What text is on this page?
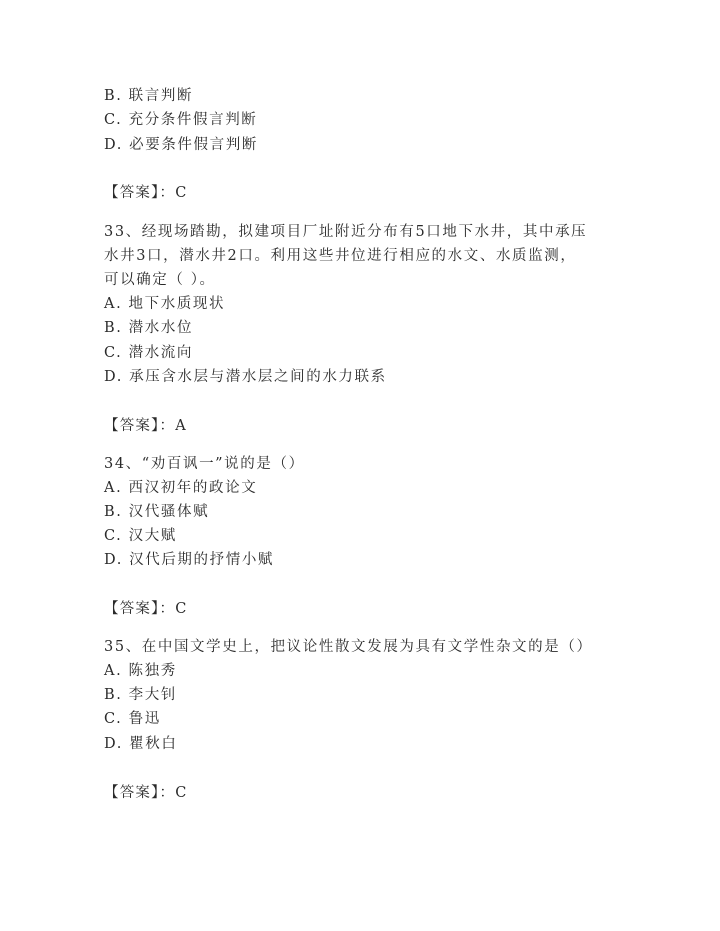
B. 联言判断
C. 充分条件假言判断
D. 必要条件假言判断
【答案】：C
33、经现场踏勘，拟建项目厂址附近分布有5口地下水井，其中承压
水井3口，潜水井2口。利用这些井位进行相应的水文、水质监测，
可以确定（ ）。
A. 地下水质现状
B. 潜水水位
C. 潜水流向
D. 承压含水层与潜水层之间的水力联系
【答案】：A
34、“劝百讽一”说的是（）
A. 西汉初年的政论文
B. 汉代骚体赋
C. 汉大赋
D. 汉代后期的抒情小赋
【答案】：C
35、在中国文学史上，把议论性散文发展为具有文学性杂文的是（）
A. 陈独秀
B. 李大钊
C. 鲁迅
D. 瞿秋白
【答案】：C
